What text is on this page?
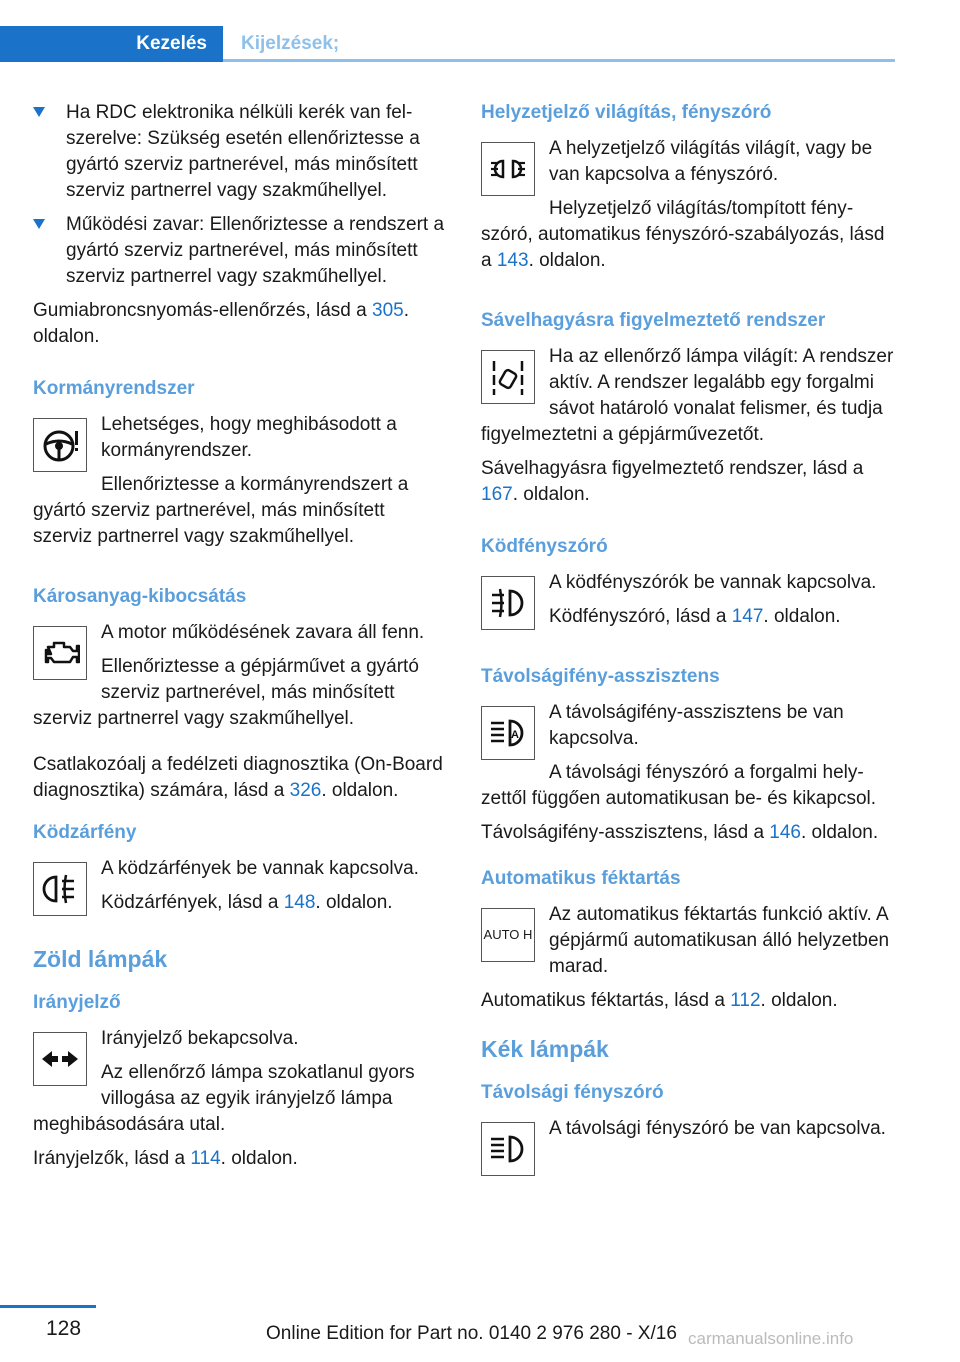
Kezelés	Kijelzések;
Ha RDC elektronika nélküli kerék van felszerelve: Szükség esetén ellenőriztesse a gyártó szerviz partnerével, más minősített szerviz partnerrel vagy szakműhellyel.
Működési zavar: Ellenőriztesse a rendszert a gyártó szerviz partnerével, más minősített szerviz partnerrel vagy szakműhellyel.

Gumiabroncsnyomás-ellenőrzés, lásd a 305. oldalon.

Kormányrendszer

Lehetséges, hogy meghibásodott a kormányrendszer.

Ellenőriztesse a kormányrendszert a gyártó szerviz partnerével, más minősített szerviz partnerrel vagy szakműhellyel.

Károsanyag-kibocsátás

A motor működésének zavara áll fenn.

Ellenőriztesse a gépjárművet a gyártó szerviz partnerével, más minősített szerviz partnerrel vagy szakműhellyel.

Csatlakozóalj a fedélzeti diagnosztika (On-Board diagnosztika) számára, lásd a 326. oldalon.

Ködzárfény

A ködzárfények be vannak kapcsolva.

Ködzárfények, lásd a 148. oldalon.

Zöld lámpák
Irányjelző

Irányjelző bekapcsolva.

Az ellenőrző lámpa szokatlanul gyors villogása az egyik irányjelző lámpa meghibásodására utal.

Irányjelzők, lásd a 114. oldalon.

Helyzetjelző világítás, fényszóró

A helyzetjelző világítás világít, vagy be van kapcsolva a fényszóró.

Helyzetjelző világítás/tompított fényszóró, automatikus fényszóró-szabályozás, lásd a 143. oldalon.

Sávelhagyásra figyelmeztető rendszer

Ha az ellenőrző lámpa világít: A rendszer aktív. A rendszer legalább egy forgalmi sávot határoló vonalat felismer, és tudja figyelmeztetni a gépjárművezetőt.

Sávelhagyásra figyelmeztető rendszer, lásd a 167. oldalon.

Ködfényszóró

A ködfényszórók be vannak kapcsolva.

Ködfényszóró, lásd a 147. oldalon.

Távolságifény-asszisztens
A

A távolságifény-asszisztens be van kapcsolva.

A távolsági fényszóró a forgalmi helyzettől függően automatikusan be- és kikapcsol.

Távolságifény-asszisztens, lásd a 146. oldalon.

Automatikus féktartás
AUTO H

Az automatikus féktartás funkció aktív. A gépjármű automatikusan álló helyzetben marad.

Automatikus féktartás, lásd a 112. oldalon.

Kék lámpák
Távolsági fényszóró

A távolsági fényszóró be van kapcsolva.

128	Online Edition for Part no. 0140 2 976 280 - X/16 carmanualsonline.info
